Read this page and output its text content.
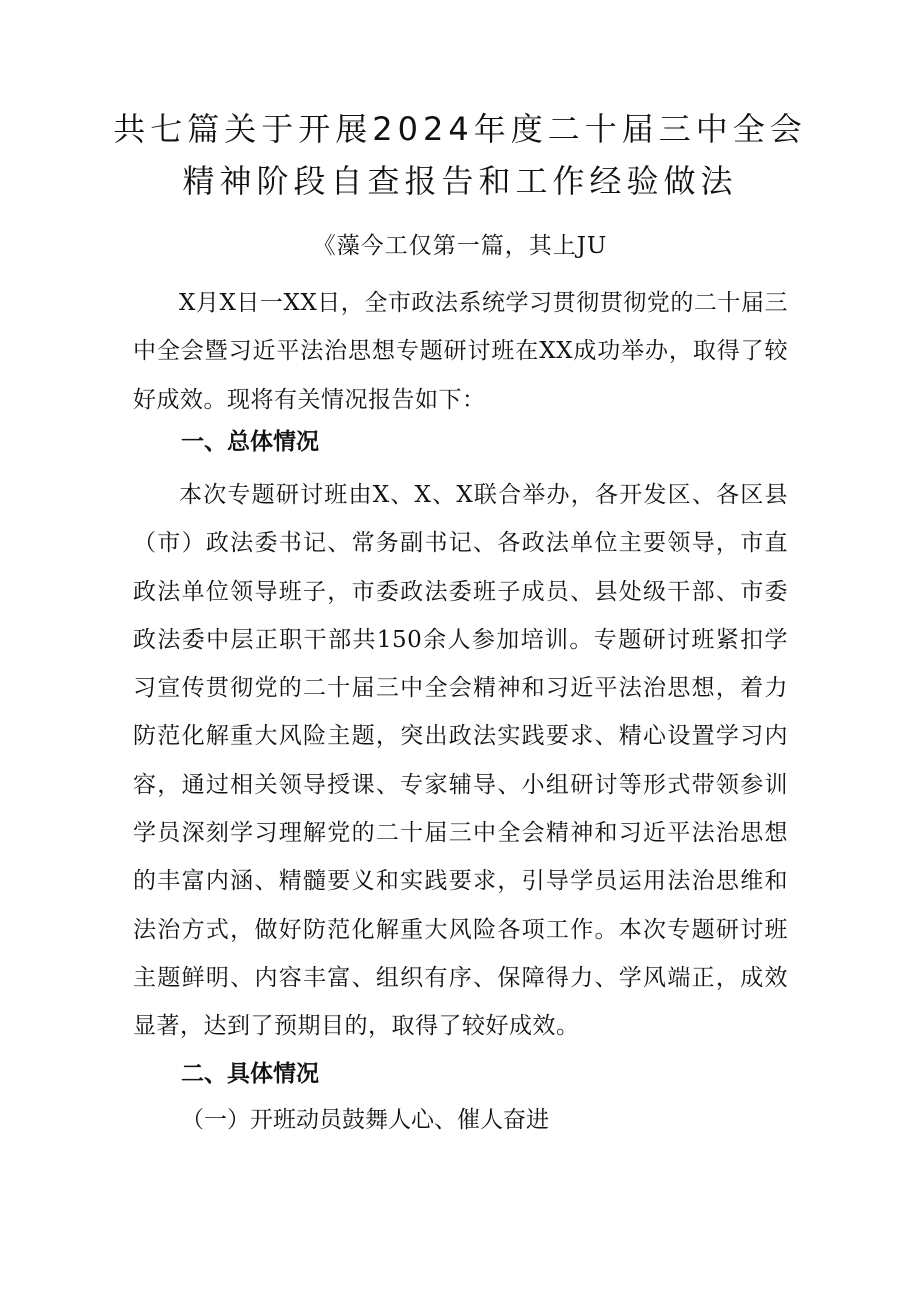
共七篇关于开展2024年度二十届三中全会
精神阶段自查报告和工作经验做法

《藻今工仅第一篇，其上JU

X月X日一XX日，全市政法系统学习贯彻贯彻党的二十届三中全会暨习近平法治思想专题研讨班在XX成功举办，取得了较好成效。现将有关情况报告如下：

一、总体情况

本次专题研讨班由X、X、X联合举办，各开发区、各区县（市）政法委书记、常务副书记、各政法单位主要领导，市直政法单位领导班子，市委政法委班子成员、县处级干部、市委政法委中层正职干部共150余人参加培训。专题研讨班紧扣学习宣传贯彻党的二十届三中全会精神和习近平法治思想，着力防范化解重大风险主题，突出政法实践要求、精心设置学习内容，通过相关领导授课、专家辅导、小组研讨等形式带领参训学员深刻学习理解党的二十届三中全会精神和习近平法治思想的丰富内涵、精髓要义和实践要求，引导学员运用法治思维和法治方式，做好防范化解重大风险各项工作。本次专题研讨班主题鲜明、内容丰富、组织有序、保障得力、学风端正，成效显著，达到了预期目的，取得了较好成效。

二、具体情况

（一）开班动员鼓舞人心、催人奋进
